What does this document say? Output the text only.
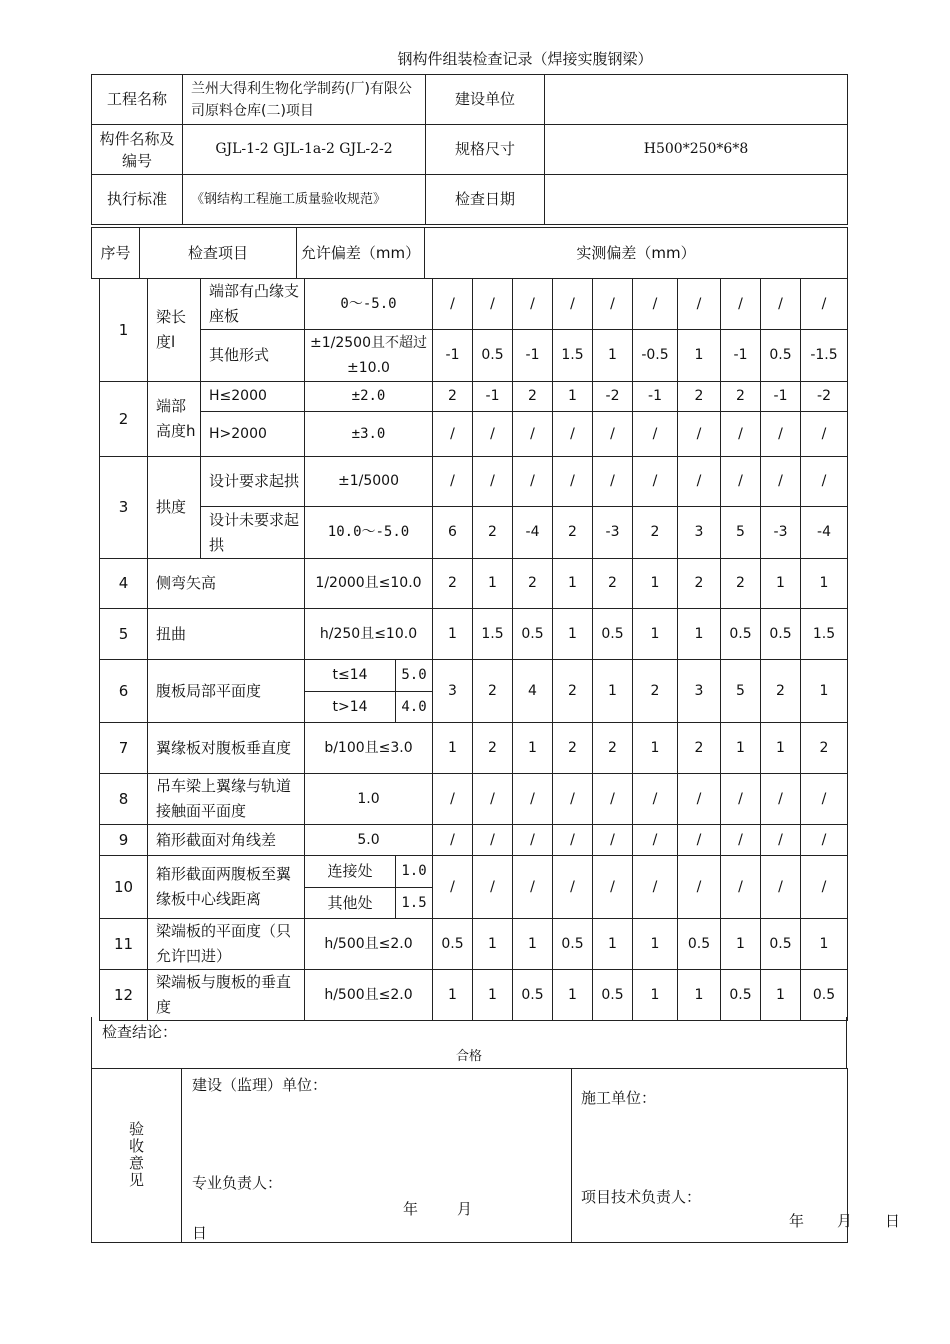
钢构件组装检查记录（焊接实腹钢梁）
工程名称	兰州大得利生物化学制药(厂)有限公司原料仓库(二)项目	建设单位	
构件名称及编号	GJL-1-2 GJL-1a-2 GJL-2-2	规格尺寸	H500*250*6*8
执行标准	《钢结构工程施工质量验收规范》	检查日期	
序号	检查项目	允许偏差（mm）	实测偏差（mm）
1	梁长度l	端部有凸缘支座板	0～-5.0		/	/	/	/	/	/	/	/	/	/
		其他形式	±1/2500且不超过±10.0		-1	0.5	-1	1.5	1	-0.5	1	-1	0.5	-1.5
2	端部高度h	H≤2000	±2.0		2	-1	2	1	-2	-1	2	2	-1	-2
		H>2000	±3.0		/	/	/	/	/	/	/	/	/	/
3	拱度	设计要求起拱	±1/5000		/	/	/	/	/	/	/	/	/	/
		设计未要求起拱	10.0～-5.0		6	2	-4	2	-3	2	3	5	-3	-4
4	侧弯矢高		1/2000且≤10.0		2	1	2	1	2	1	2	2	1	1
5	扭曲		h/250且≤10.0		1	1.5	0.5	1	0.5	1	1	0.5	0.5	1.5
6	腹板局部平面度		t≤14	5.0	3	2	4	2	1	2	3	5	2	1
			t>14	4.0										
7	翼缘板对腹板垂直度		b/100且≤3.0		1	2	1	2	2	1	2	1	1	2
8	吊车梁上翼缘与轨道接触面平面度		1.0		/	/	/	/	/	/	/	/	/	/
9	箱形截面对角线差		5.0		/	/	/	/	/	/	/	/	/	/
10	箱形截面两腹板至翼缘板中心线距离		连接处	1.0	/	/	/	/	/	/	/	/	/	/
			其他处	1.5										
11	梁端板的平面度（只允许凹进）		h/500且≤2.0		0.5	1	1	0.5	1	1	0.5	1	0.5	1
12	梁端板与腹板的垂直度		h/500且≤2.0		1	1	0.5	1	0.5	1	1	0.5	1	0.5
检查结论：
合格
验收意见

建设（监理）单位：
专业负责人：
年	月
日

施工单位：
项目技术负责人：
年 月 日
